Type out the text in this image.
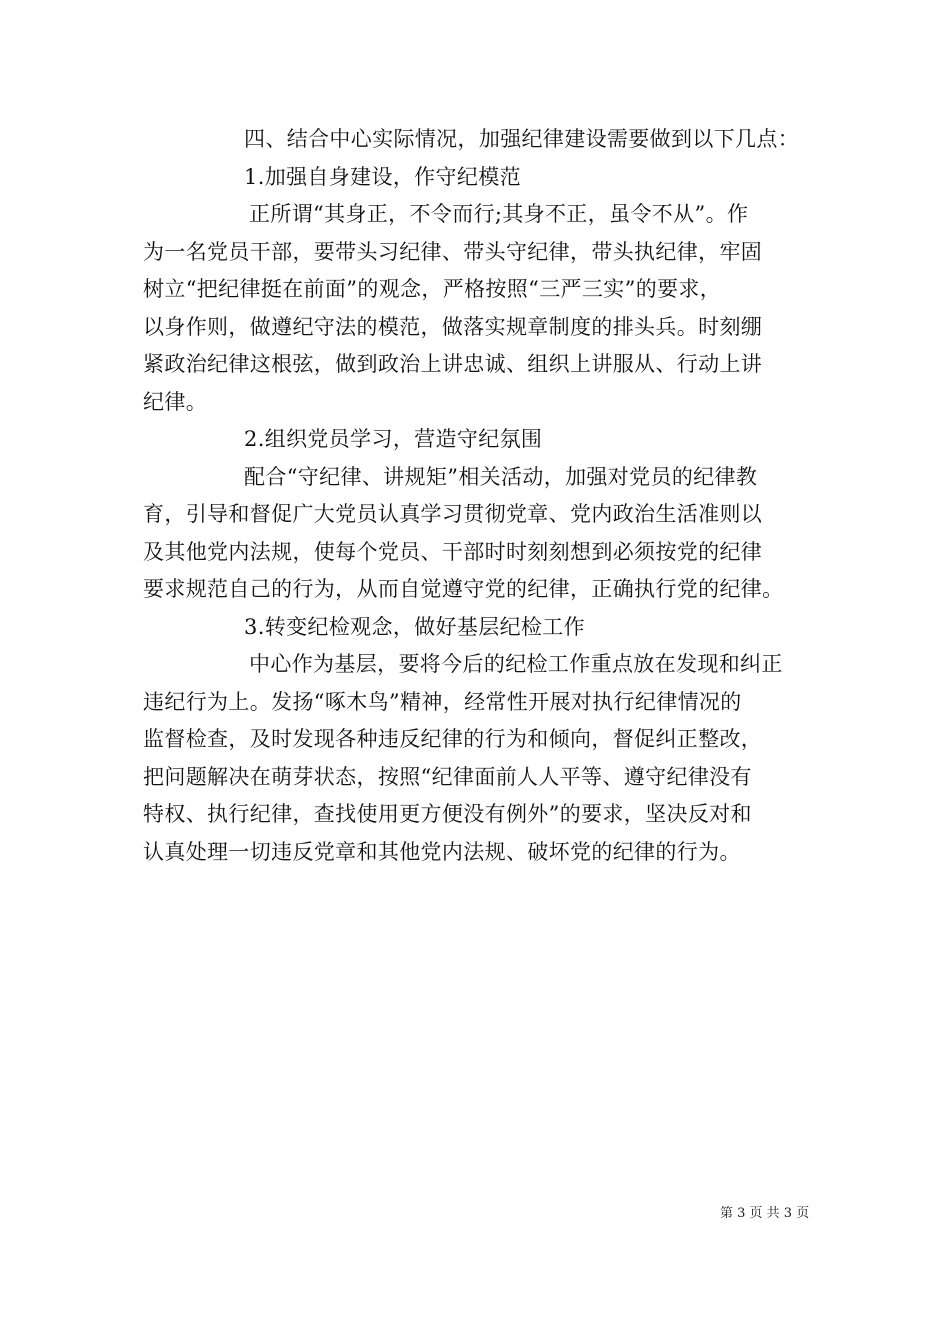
四、结合中心实际情况，加强纪律建设需要做到以下几点：
1.加强自身建设，作守纪模范
正所谓“其身正，不令而行;其身不正，虽令不从”。作
为一名党员干部，要带头习纪律、带头守纪律，带头执纪律，牢固
树立“把纪律挺在前面”的观念，严格按照“三严三实”的要求，
以身作则，做遵纪守法的模范，做落实规章制度的排头兵。时刻绷
紧政治纪律这根弦，做到政治上讲忠诚、组织上讲服从、行动上讲
纪律。
2.组织党员学习，营造守纪氛围
配合“守纪律、讲规矩”相关活动，加强对党员的纪律教
育，引导和督促广大党员认真学习贯彻党章、党内政治生活准则以
及其他党内法规，使每个党员、干部时时刻刻想到必须按党的纪律
要求规范自己的行为，从而自觉遵守党的纪律，正确执行党的纪律。
3.转变纪检观念，做好基层纪检工作
中心作为基层，要将今后的纪检工作重点放在发现和纠正
违纪行为上。发扬“啄木鸟”精神，经常性开展对执行纪律情况的
监督检查，及时发现各种违反纪律的行为和倾向，督促纠正整改，
把问题解决在萌芽状态，按照“纪律面前人人平等、遵守纪律没有
特权、执行纪律，查找使用更方便没有例外”的要求，坚决反对和
认真处理一切违反党章和其他党内法规、破坏党的纪律的行为。
第 3 页 共 3 页
